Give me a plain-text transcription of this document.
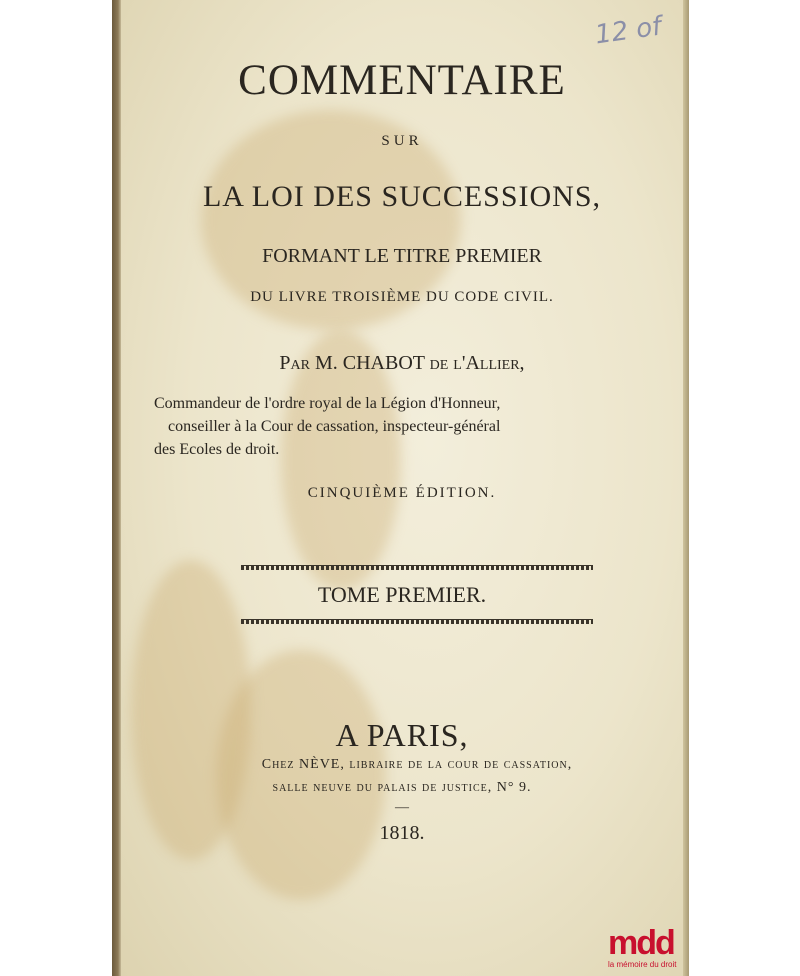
COMMENTAIRE
SUR
LA LOI DES SUCCESSIONS,
FORMANT LE TITRE PREMIER
DU LIVRE TROISIÈME DU CODE CIVIL.
Par M. CHABOT de l'Allier,
Commandeur de l'ordre royal de la Légion d'Honneur,
conseiller à la Cour de cassation, inspecteur-général
des Ecoles de droit.
CINQUIÈME ÉDITION.
TOME PREMIER.
A PARIS,
Chez NÈVE, libraire de la cour de cassation,
salle neuve du palais de justice, N° 9.
—
1818.
12 of
mdd
la mémoire du droit
